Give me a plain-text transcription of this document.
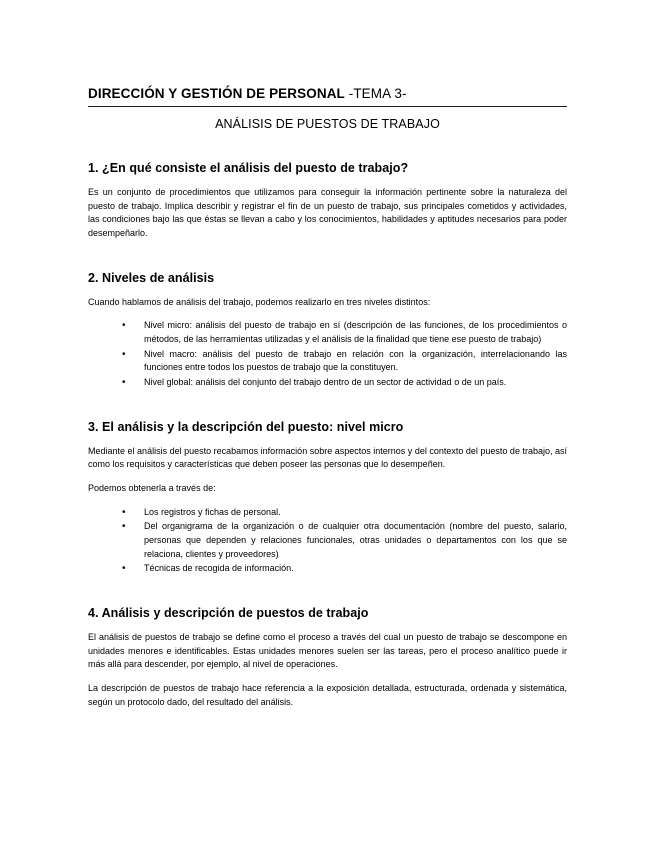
DIRECCIÓN Y GESTIÓN DE PERSONAL -TEMA 3-
ANÁLISIS DE PUESTOS DE TRABAJO
1. ¿En qué consiste el análisis del puesto de trabajo?

Es un conjunto de procedimientos que utilizamos para conseguir la información pertinente sobre la naturaleza del puesto de trabajo. Implica describir y registrar el fin de un puesto de trabajo, sus principales cometidos y actividades, las condiciones bajo las que éstas se llevan a cabo y los conocimientos, habilidades y aptitudes necesarios para poder desempeñarlo.

2. Niveles de análisis

Cuando hablamos de análisis del trabajo, podemos realizarlo en tres niveles distintos:

• Nivel micro: análisis del puesto de trabajo en sí (descripción de las funciones, de los procedimientos o métodos, de las herramientas utilizadas y el análisis de la finalidad que tiene ese puesto de trabajo)
• Nivel macro: análisis del puesto de trabajo en relación con la organización, interrelacionando las funciones entre todos los puestos de trabajo que la constituyen.
• Nivel global: análisis del conjunto del trabajo dentro de un sector de actividad o de un país.
3. El análisis y la descripción del puesto: nivel micro

Mediante el análisis del puesto recabamos información sobre aspectos internos y del contexto del puesto de trabajo, así como los requisitos y características que deben poseer las personas que lo desempeñen.

Podemos obtenerla a través de:

• Los registros y fichas de personal.
• Del organigrama de la organización o de cualquier otra documentación (nombre del puesto, salario, personas que dependen y relaciones funcionales, otras unidades o departamentos con los que se relaciona, clientes y proveedores)
• Técnicas de recogida de información.
4. Análisis y descripción de puestos de trabajo

El análisis de puestos de trabajo se define como el proceso a través del cual un puesto de trabajo se descompone en unidades menores e identificables. Estas unidades menores suelen ser las tareas, pero el proceso analítico puede ir más allá para descender, por ejemplo, al nivel de operaciones.

La descripción de puestos de trabajo hace referencia a la exposición detallada, estructurada, ordenada y sistemática, según un protocolo dado, del resultado del análisis.
